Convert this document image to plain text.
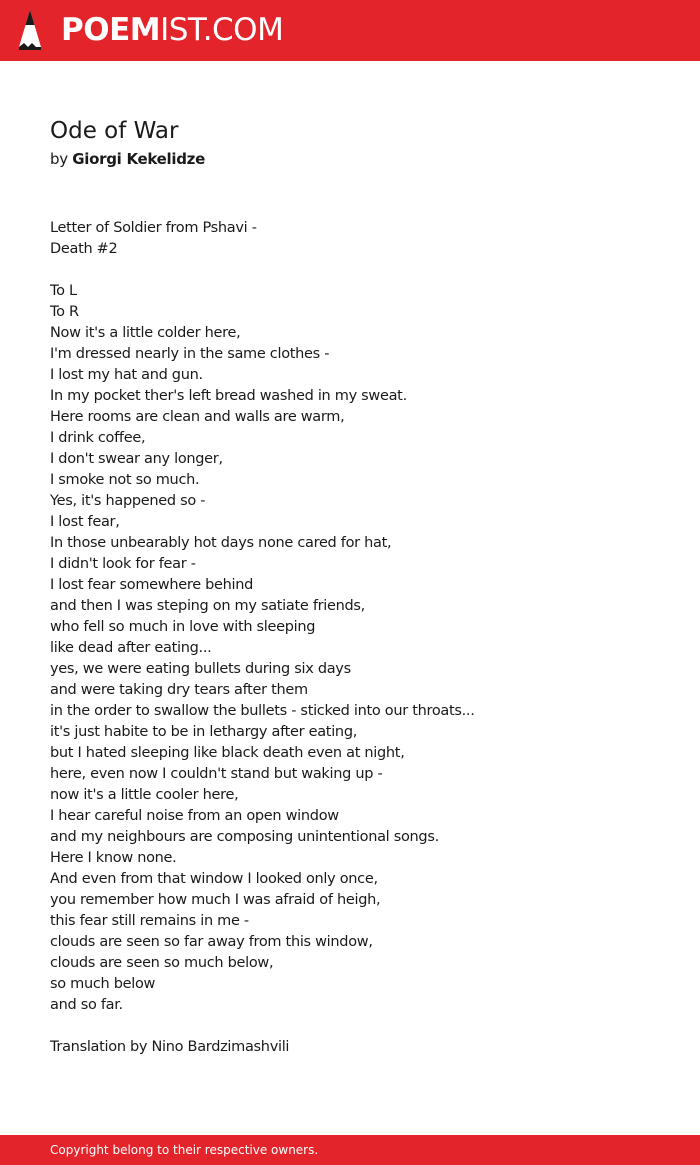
POEMIST.COM
Ode of War
by Giorgi Kekelidze
Letter of Soldier from Pshavi -
Death #2
To L
To R
Now it's a little colder here,
I'm dressed nearly in the same clothes -
I lost my hat and gun.
In my pocket ther's left bread washed in my sweat.
Here rooms are clean and walls are warm,
I drink coffee,
I don't swear any longer,
I smoke not so much.
Yes, it's happened so -
I lost fear,
In those unbearably hot days none cared for hat,
I didn't look for fear -
I lost fear somewhere behind
and then I was steping on my satiate friends,
who fell so much in love with sleeping
like dead after eating...
yes, we were eating bullets during six days
and were taking dry tears after them
in the order to swallow the bullets - sticked into our throats...
it's just habite to be in lethargy after eating,
but I hated sleeping like black death even at night,
here, even now I couldn't stand but waking up -
now it's a little cooler here,
I hear careful noise from an open window
and my neighbours are composing unintentional songs.
Here I know none.
And even from that window I looked only once,
you remember how much I was afraid of heigh,
this fear still remains in me -
clouds are seen so far away from this window,
clouds are seen so much below,
so much below
and so far.
Translation by Nino Bardzimashvili
Copyright belong to their respective owners.
